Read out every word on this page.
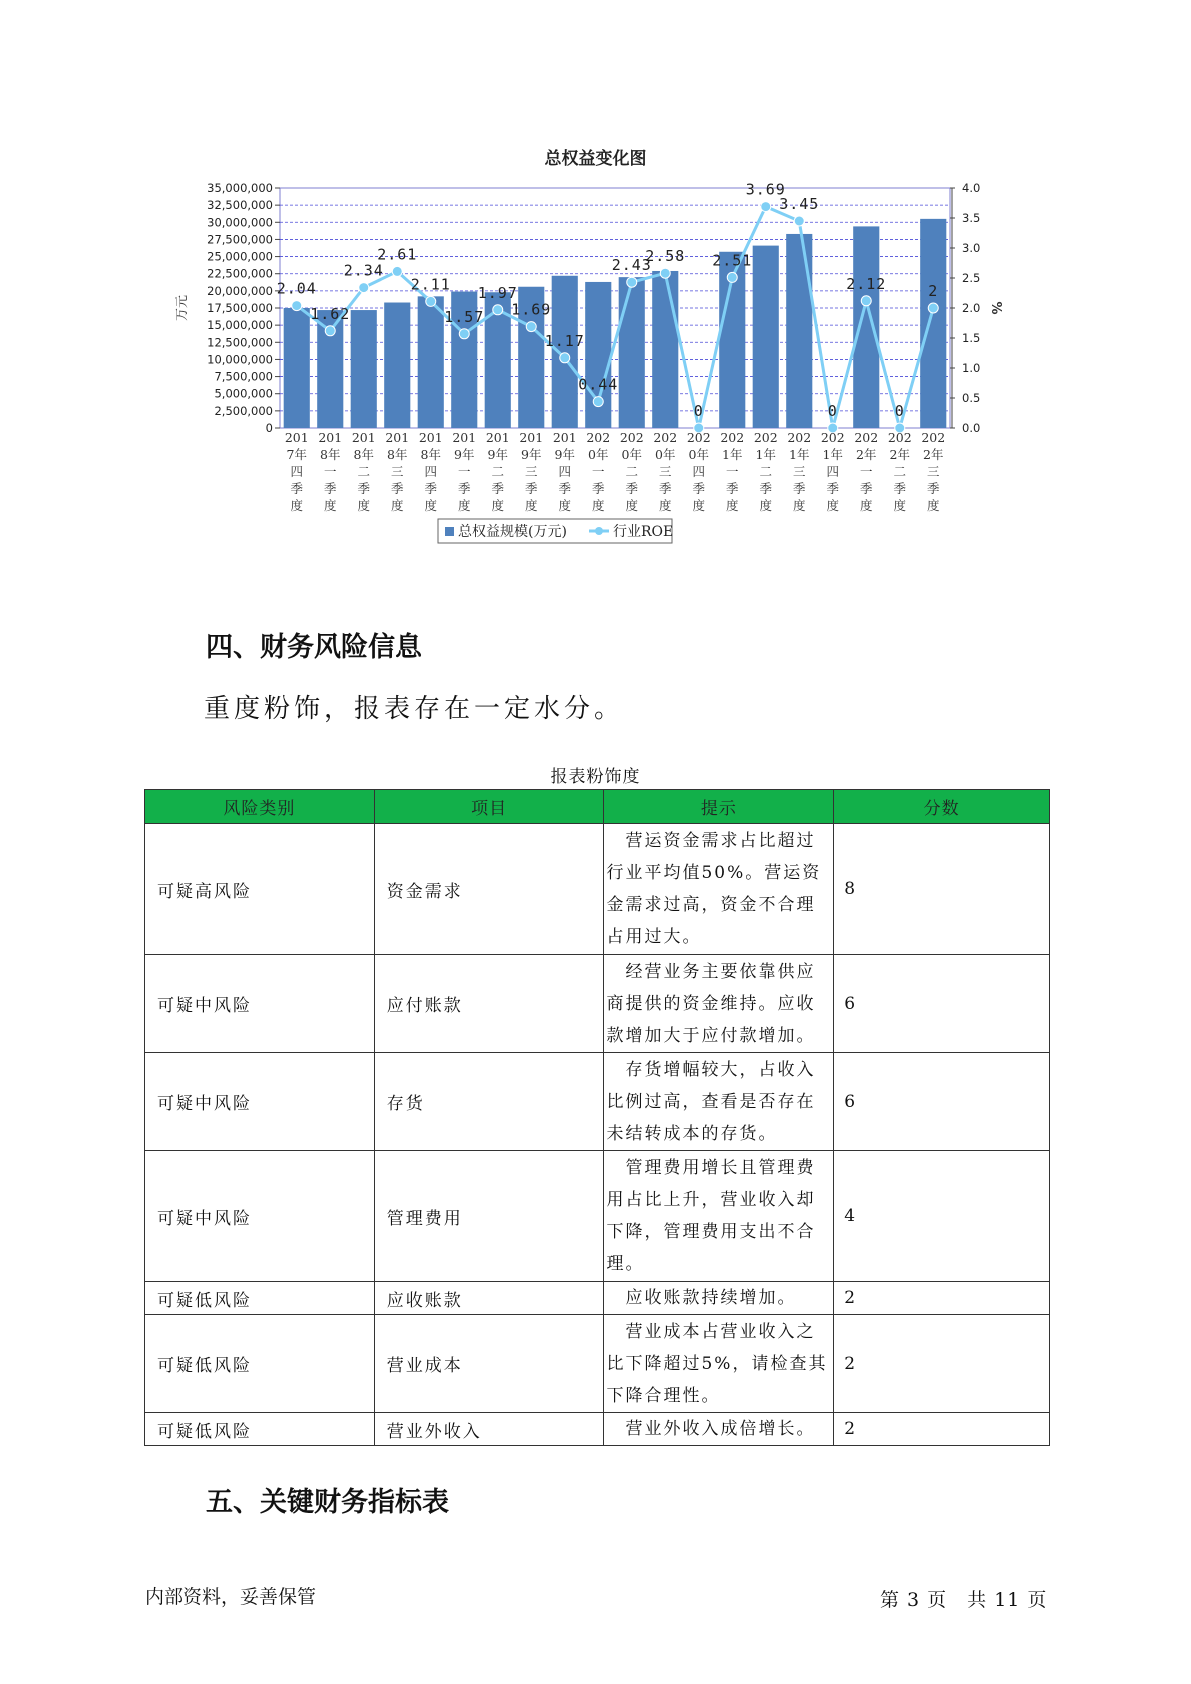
总权益变化图
35,000,000
32,500,000
30,000,000
27,500,000
25,000,000
22,500,000
20,000,000
17,500,000
15,000,000
12,500,000
10,000,000
7,500,000
5,000,000
2,500,000
0
4.0
3.5
3.0
2.5
2.0
1.5
1.0
0.5
0.0
万元	%
2.04
1.62
2.34
2.61
2.11
1.57
1.97
1.69
1.17
0.44
2.43
2.58
0
2.51
3.69
3.45
0
2.12
0
2
201 7年四季度
201 8年一季度
201 8年二季度
201 8年三季度
201 8年四季度
201 9年一季度
201 9年二季度
201 9年三季度
201 9年四季度
202 0年一季度
202 0年二季度
202 0年三季度
202 0年四季度
202 1年一季度
202 1年二季度
202 1年三季度
202 1年四季度
202 2年一季度
202 2年二季度
202 2年三季度
总权益规模(万元)	行业ROE
四、财务风险信息
重度粉饰，报表存在一定水分。
报表粉饰度
风险类别	项目	提示	分数
可疑高风险	资金需求	　营运资金需求占比超过行业平均值50%。营运资金需求过高，资金不合理占用过大。	8
可疑中风险	应付账款	　经营业务主要依靠供应商提供的资金维持。应收款增加大于应付款增加。	6
可疑中风险	存货	　存货增幅较大，占收入比例过高，查看是否存在未结转成本的存货。	6
可疑中风险	管理费用	　管理费用增长且管理费用占比上升，营业收入却下降，管理费用支出不合理。	4
可疑低风险	应收账款	　应收账款持续增加。	2
可疑低风险	营业成本	　营业成本占营业收入之比下降超过5%，请检查其下降合理性。	2
可疑低风险	营业外收入	　营业外收入成倍增长。	2
五、关键财务指标表
内部资料，妥善保管	第 3 页　共 11 页
